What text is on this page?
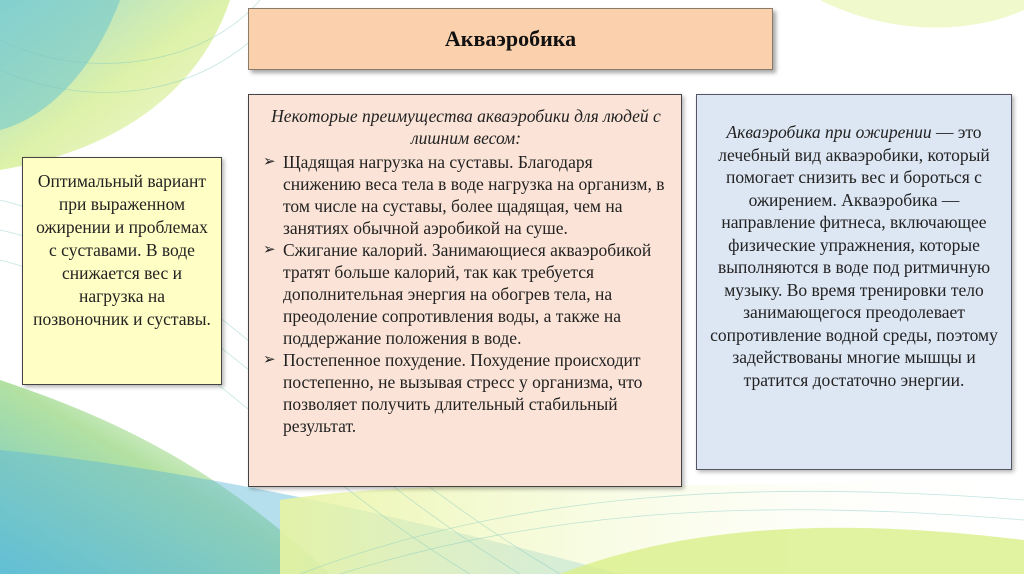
Акваэробика
Оптимальный вариант при выраженном ожирении и проблемах с суставами. В воде снижается вес и нагрузка на позвоночник и суставы.
Некоторые преимущества акваэробики для людей с лишним весом:
➢ Щадящая нагрузка на суставы. Благодаря снижению веса тела в воде нагрузка на организм, в том числе на суставы, более щадящая, чем на занятиях обычной аэробикой на суше.
➢ Сжигание калорий. Занимающиеся акваэробикой тратят больше калорий, так как требуется дополнительная энергия на обогрев тела, на преодоление сопротивления воды, а также на поддержание положения в воде.
➢ Постепенное похудение. Похудение происходит постепенно, не вызывая стресс у организма, что позволяет получить длительный стабильный результат.
Акваэробика при ожирении — это лечебный вид акваэробики, который помогает снизить вес и бороться с ожирением. Акваэробика — направление фитнеса, включающее физические упражнения, которые выполняются в воде под ритмичную музыку. Во время тренировки тело занимающегося преодолевает сопротивление водной среды, поэтому задействованы многие мышцы и тратится достаточно энергии.
